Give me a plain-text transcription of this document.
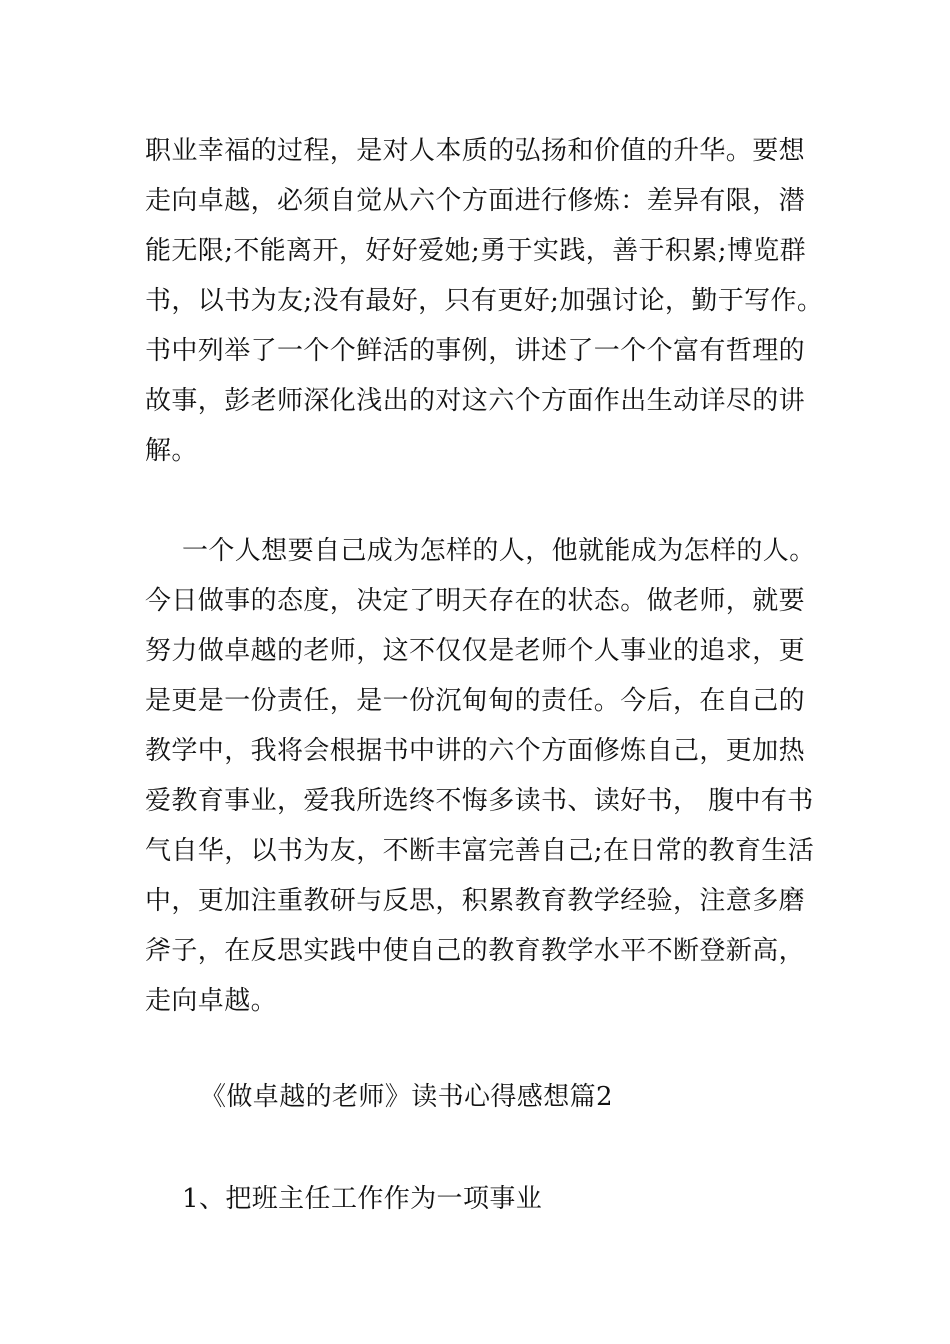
职业幸福的过程，是对人本质的弘扬和价值的升华。要想
走向卓越，必须自觉从六个方面进行修炼：差异有限，潜
能无限;不能离开，好好爱她;勇于实践，善于积累;博览群
书，以书为友;没有最好，只有更好;加强讨论，勤于写作。
书中列举了一个个鲜活的事例，讲述了一个个富有哲理的
故事，彭老师深化浅出的对这六个方面作出生动详尽的讲
解。
一个人想要自己成为怎样的人，他就能成为怎样的人。
今日做事的态度，决定了明天存在的状态。做老师，就要
努力做卓越的老师，这不仅仅是老师个人事业的追求，更
是更是一份责任，是一份沉甸甸的责任。今后，在自己的
教学中，我将会根据书中讲的六个方面修炼自己，更加热
爱教育事业，爱我所选终不悔多读书、读好书， 腹中有书
气自华，以书为友，不断丰富完善自己;在日常的教育生活
中，更加注重教研与反思，积累教育教学经验，注意多磨
斧子，在反思实践中使自己的教育教学水平不断登新高，
走向卓越。
《做卓越的老师》读书心得感想篇2
1、把班主任工作作为一项事业
